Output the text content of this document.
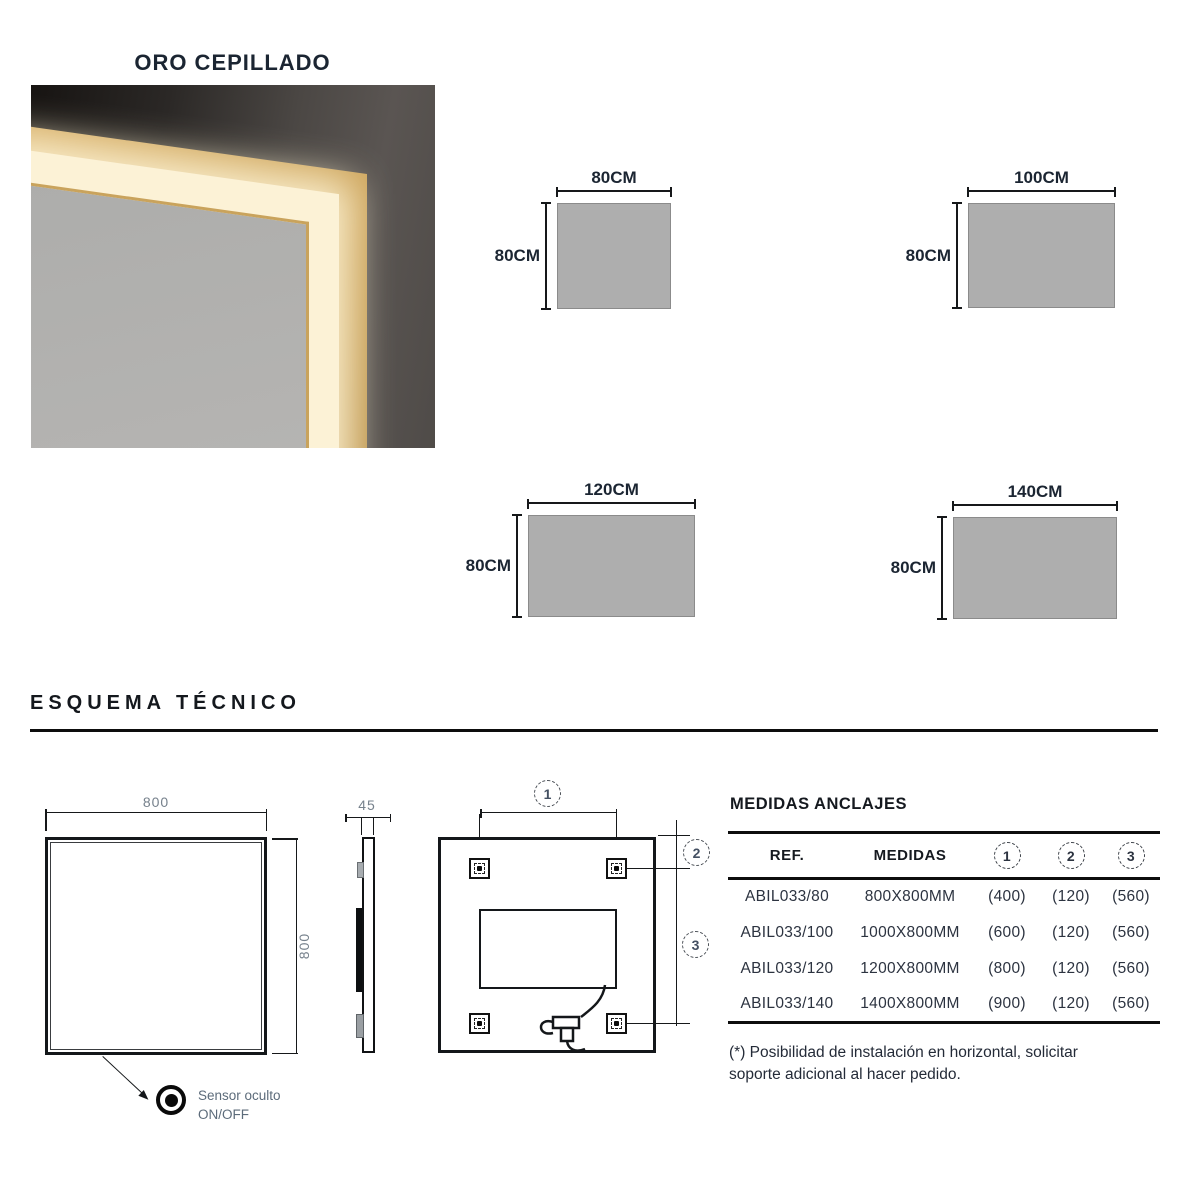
ORO CEPILLADO
80CM
80CM
100CM
80CM
120CM
80CM
140CM
80CM
ESQUEMA TÉCNICO
800
800
Sensor oculto
ON/OFF
45
1
2
3
MEDIDAS ANCLAJES
REF.	MEDIDAS	1	2	3
ABIL033/80	800X800MM	(400)	(120)	(560)
ABIL033/100	1000X800MM	(600)	(120)	(560)
ABIL033/120	1200X800MM	(800)	(120)	(560)
ABIL033/140	1400X800MM	(900)	(120)	(560)
(*) Posibilidad de instalación en horizontal, solicitar
soporte adicional al hacer pedido.
